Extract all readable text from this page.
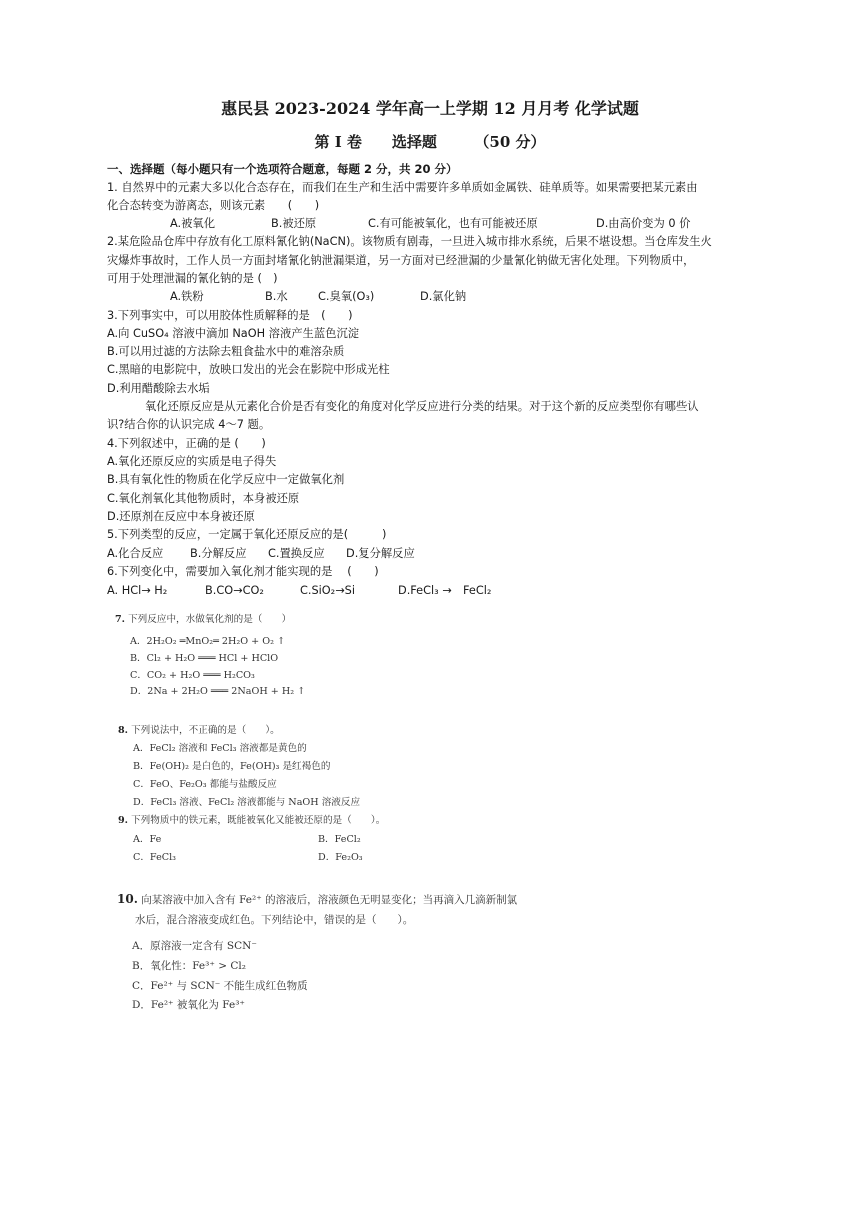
惠民县 2023-2024 学年高一上学期 12 月月考 化学试题
第 I 卷　　选择题　　　（50 分）
一、选择题（每小题只有一个选项符合题意，每题 2 分，共 20 分）
1. 自然界中的元素大多以化合态存在，而我们在生产和生活中需要许多单质如金属铁、硅单质等。如果需要把某元素由
化合态转变为游离态，则该元素　　(　　)
A.被氧化	B.被还原	C.有可能被氧化，也有可能被还原	D.由高价变为 0 价
2.某危险品仓库中存放有化工原料氰化钠(NaCN)。该物质有剧毒，一旦进入城市排水系统，后果不堪设想。当仓库发生火
灾爆炸事故时，工作人员一方面封堵氰化钠泄漏渠道，另一方面对已经泄漏的少量氰化钠做无害化处理。下列物质中，
可用于处理泄漏的氰化钠的是 (　)
A.铁粉	B.水	C.臭氧(O₃)	D.氯化钠
3.下列事实中，可以用胶体性质解释的是　(　　)
A.向 CuSO₄ 溶液中滴加 NaOH 溶液产生蓝色沉淀
B.可以用过滤的方法除去粗食盐水中的难溶杂质
C.黑暗的电影院中，放映口发出的光会在影院中形成光柱
D.利用醋酸除去水垢
氧化还原反应是从元素化合价是否有变化的角度对化学反应进行分类的结果。对于这个新的反应类型你有哪些认
识?结合你的认识完成 4～7 题。
4.下列叙述中，正确的是 (　　)
A.氧化还原反应的实质是电子得失
B.具有氧化性的物质在化学反应中一定做氧化剂
C.氧化剂氧化其他物质时，本身被还原
D.还原剂在反应中本身被还原
5.下列类型的反应，一定属于氧化还原反应的是(　　　)
A.化合反应 B.分解反应 C.置换反应 D.复分解反应
6.下列变化中，需要加入氧化剂才能实现的是　 (　　)
A. HCl→ H₂	B.CO→CO₂	C.SiO₂→Si	D.FeCl₃ →　FeCl₂
7. 下列反应中，水做氧化剂的是（　　）
A．2H₂O₂ ═MnO₂═ 2H₂O + O₂ ↑
B．Cl₂ + H₂O ═══ HCl + HClO
C．CO₂ + H₂O ═══ H₂CO₃
D．2Na + 2H₂O ═══ 2NaOH + H₂ ↑
8. 下列说法中，不正确的是（　　）。
A．FeCl₂ 溶液和 FeCl₃ 溶液都是黄色的
B．Fe(OH)₂ 是白色的，Fe(OH)₃ 是红褐色的
C．FeO、Fe₂O₃ 都能与盐酸反应
D．FeCl₃ 溶液、FeCl₂ 溶液都能与 NaOH 溶液反应
9. 下列物质中的铁元素，既能被氧化又能被还原的是（　　）。
A．Fe	B．FeCl₂
C．FeCl₃	D．Fe₂O₃
10. 向某溶液中加入含有 Fe²⁺ 的溶液后，溶液颜色无明显变化；当再滴入几滴新制氯
水后，混合溶液变成红色。下列结论中，错误的是（　　）。
A．原溶液一定含有 SCN⁻
B．氧化性：Fe³⁺ > Cl₂
C．Fe²⁺ 与 SCN⁻ 不能生成红色物质
D．Fe²⁺ 被氧化为 Fe³⁺
